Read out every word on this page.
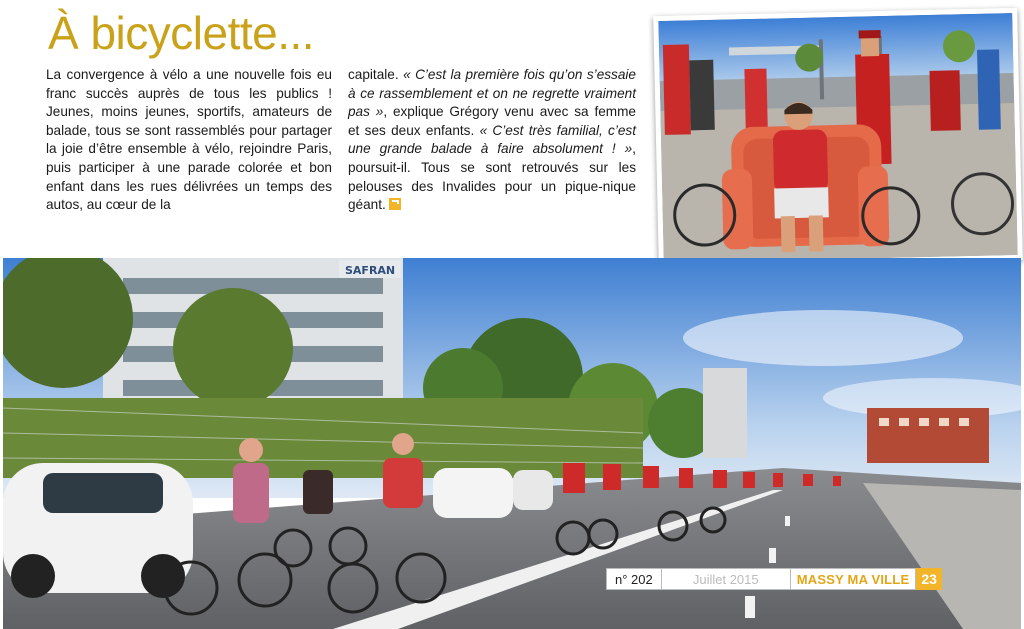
À bicyclette...

La convergence à vélo a une nouvelle fois eu franc succès auprès de tous les publics ! Jeunes, moins jeunes, sportifs, amateurs de balade, tous se sont rassemblés pour partager la joie d’être ensemble à vélo, rejoindre Paris, puis participer à une parade colorée et bon enfant dans les rues délivrées un temps des autos, au cœur de la

capitale. « C’est la première fois qu’on s’essaie à ce rassemblement et on ne regrette vraiment pas », explique Grégory venu avec sa femme et ses deux enfants. « C’est très familial, c’est une grande balade à faire absolument ! », poursuit-il. Tous se sont retrouvés sur les pelouses des Invalides pour un pique-nique géant.

SAFRAN
n° 202	Juillet 2015	MASSY MA VILLE 23
